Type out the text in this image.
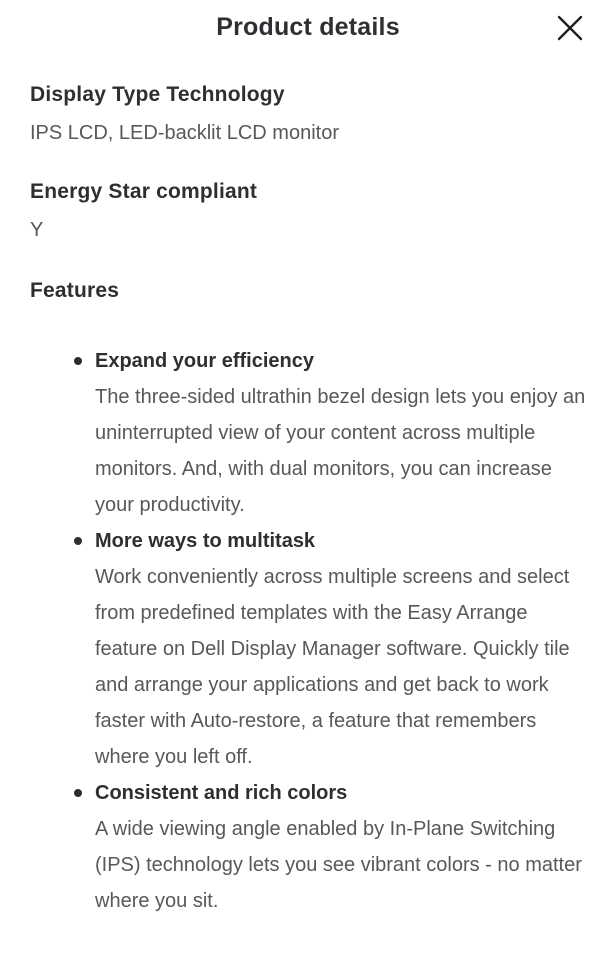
Product details
Display Type Technology

IPS LCD, LED-backlit LCD monitor

Energy Star compliant

Y

Features
Expand your efficiency
The three-sided ultrathin bezel design lets you enjoy an uninterrupted view of your content across multiple monitors. And, with dual monitors, you can increase your productivity.
More ways to multitask
Work conveniently across multiple screens and select from predefined templates with the Easy Arrange feature on Dell Display Manager software. Quickly tile and arrange your applications and get back to work faster with Auto-restore, a feature that remembers where you left off.
Consistent and rich colors
A wide viewing angle enabled by In-Plane Switching (IPS) technology lets you see vibrant colors - no matter where you sit.
